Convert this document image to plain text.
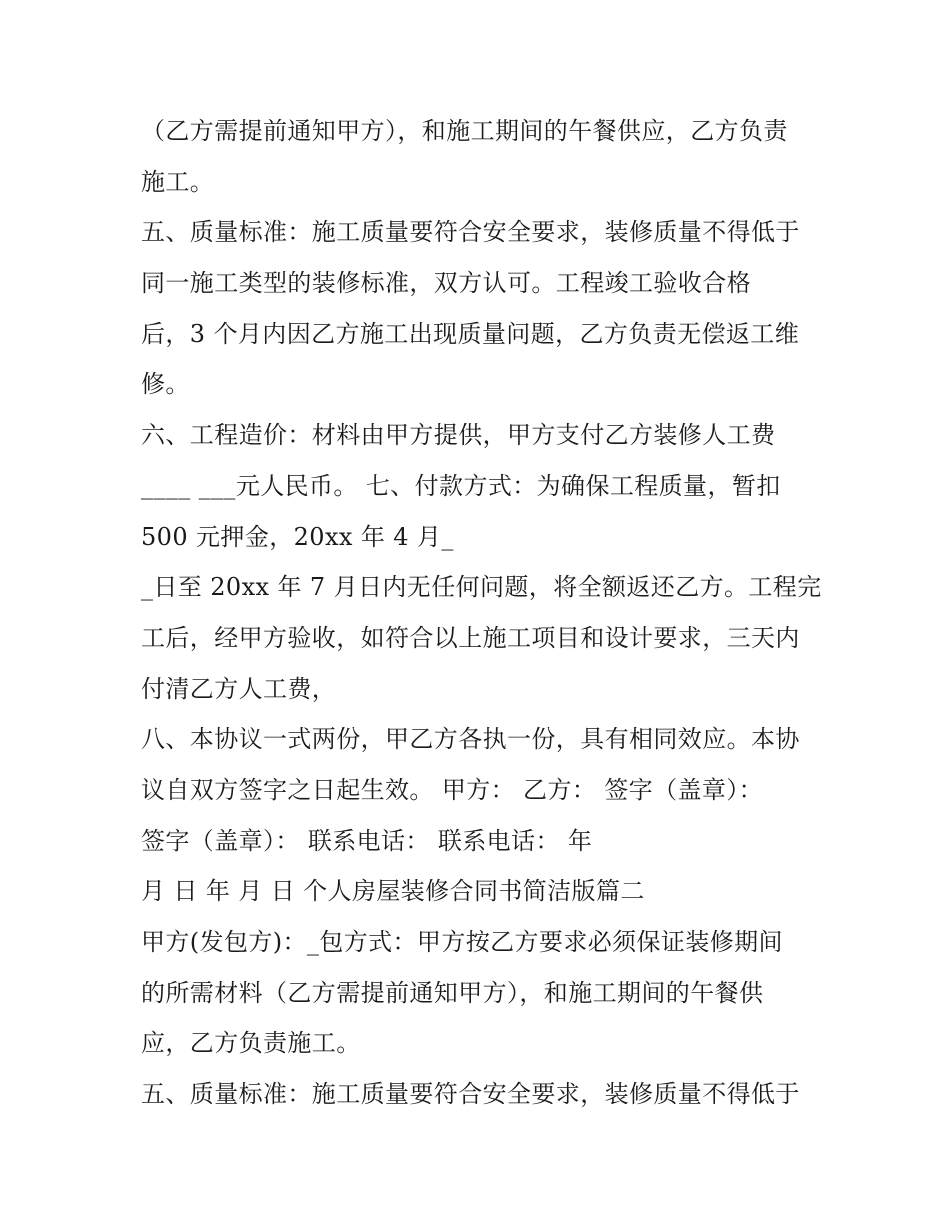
（乙方需提前通知甲方），和施工期间的午餐供应，乙方负责
施工。
五、质量标准：施工质量要符合安全要求，装修质量不得低于
同一施工类型的装修标准，双方认可。工程竣工验收合格
后，3 个月内因乙方施工出现质量问题，乙方负责无偿返工维
修。
六、工程造价：材料由甲方提供，甲方支付乙方装修人工费
____ ___元人民币。 七、付款方式：为确保工程质量，暂扣
500 元押金，20xx 年 4 月_
_日至 20xx 年 7 月日内无任何问题，将全额返还乙方。工程完
工后，经甲方验收，如符合以上施工项目和设计要求，三天内
付清乙方人工费，
八、本协议一式两份，甲乙方各执一份，具有相同效应。本协
议自双方签字之日起生效。 甲方： 乙方： 签字（盖章）：
签字（盖章）： 联系电话： 联系电话： 年
月 日 年 月 日 个人房屋装修合同书简洁版篇二
甲方(发包方)：_包方式：甲方按乙方要求必须保证装修期间
的所需材料（乙方需提前通知甲方），和施工期间的午餐供
应，乙方负责施工。
五、质量标准：施工质量要符合安全要求，装修质量不得低于
